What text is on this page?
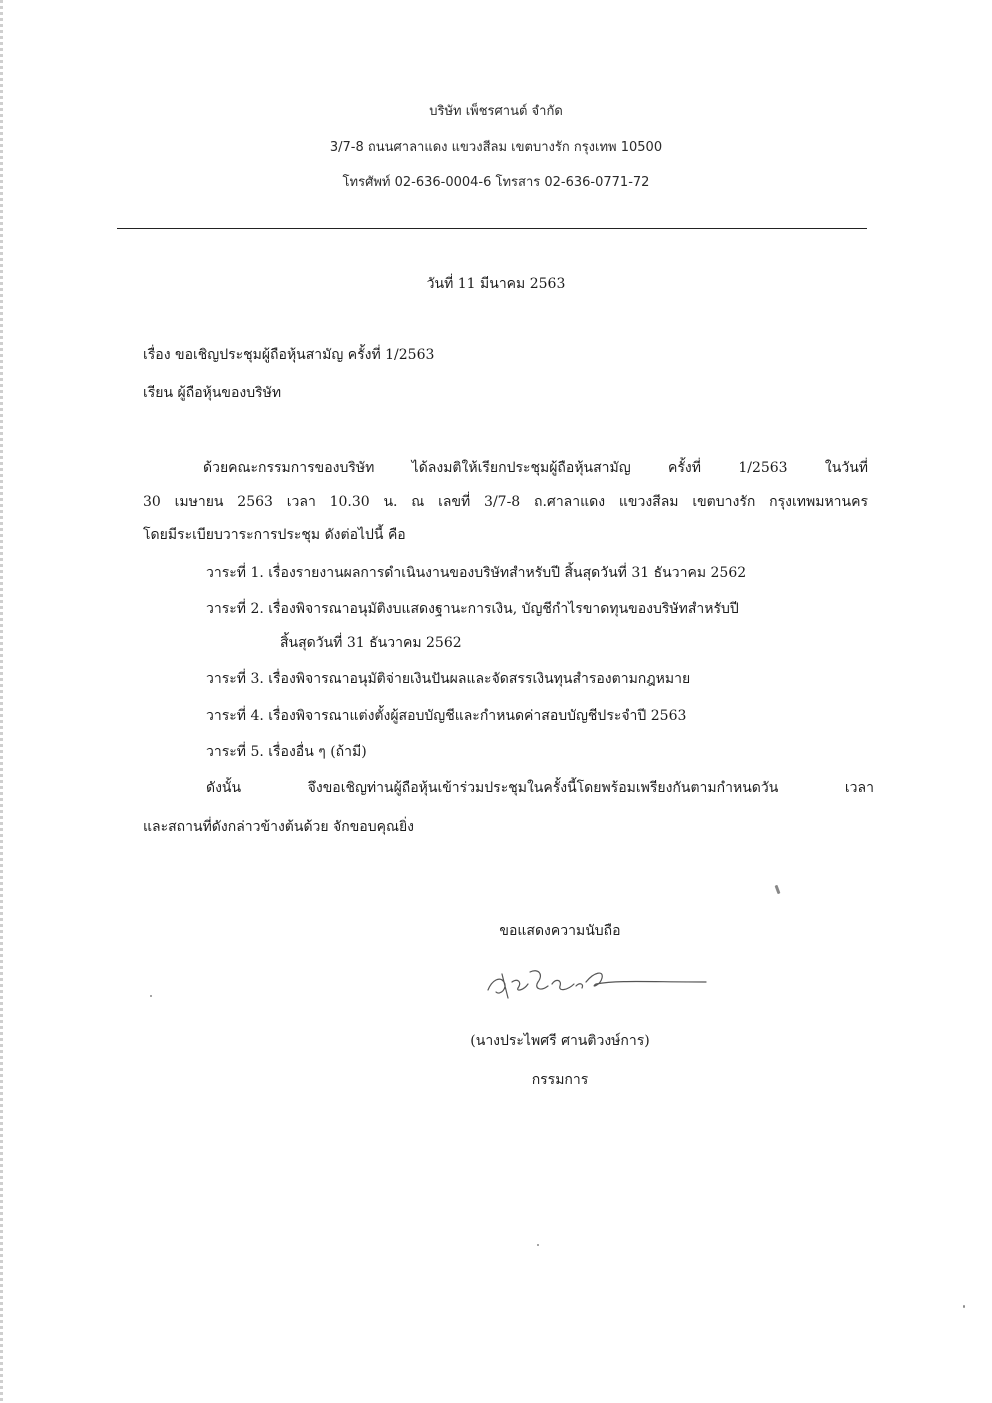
บริษัท เพ็ชรศานต์ จำกัด
3/7-8 ถนนศาลาแดง แขวงสีลม เขตบางรัก กรุงเทพ 10500
โทรศัพท์ 02-636-0004-6 โทรสาร 02-636-0771-72
วันที่ 11 มีนาคม 2563
เรื่อง ขอเชิญประชุมผู้ถือหุ้นสามัญ ครั้งที่ 1/2563
เรียน ผู้ถือหุ้นของบริษัท
ด้วยคณะกรรมการของบริษัท ได้ลงมติให้เรียกประชุมผู้ถือหุ้นสามัญ ครั้งที่ 1/2563 ในวันที่
30 เมษายน 2563 เวลา 10.30 น. ณ เลขที่ 3/7-8 ถ.ศาลาแดง แขวงสีลม เขตบางรัก กรุงเทพมหานคร
โดยมีระเบียบวาระการประชุม ดังต่อไปนี้ คือ
วาระที่ 1. เรื่องรายงานผลการดำเนินงานของบริษัทสำหรับปี สิ้นสุดวันที่ 31 ธันวาคม 2562
วาระที่ 2. เรื่องพิจารณาอนุมัติงบแสดงฐานะการเงิน, บัญชีกำไรขาดทุนของบริษัทสำหรับปี
สิ้นสุดวันที่ 31 ธันวาคม 2562
วาระที่ 3. เรื่องพิจารณาอนุมัติจ่ายเงินปันผลและจัดสรรเงินทุนสำรองตามกฎหมาย
วาระที่ 4. เรื่องพิจารณาแต่งตั้งผู้สอบบัญชีและกำหนดค่าสอบบัญชีประจำปี 2563
วาระที่ 5. เรื่องอื่น ๆ (ถ้ามี)
ดังนั้น จึงขอเชิญท่านผู้ถือหุ้นเข้าร่วมประชุมในครั้งนี้โดยพร้อมเพรียงกันตามกำหนดวัน เวลา
และสถานที่ดังกล่าวข้างต้นด้วย จักขอบคุณยิ่ง
ขอแสดงความนับถือ
(นางประไพศรี ศานติวงษ์การ)
กรรมการ
